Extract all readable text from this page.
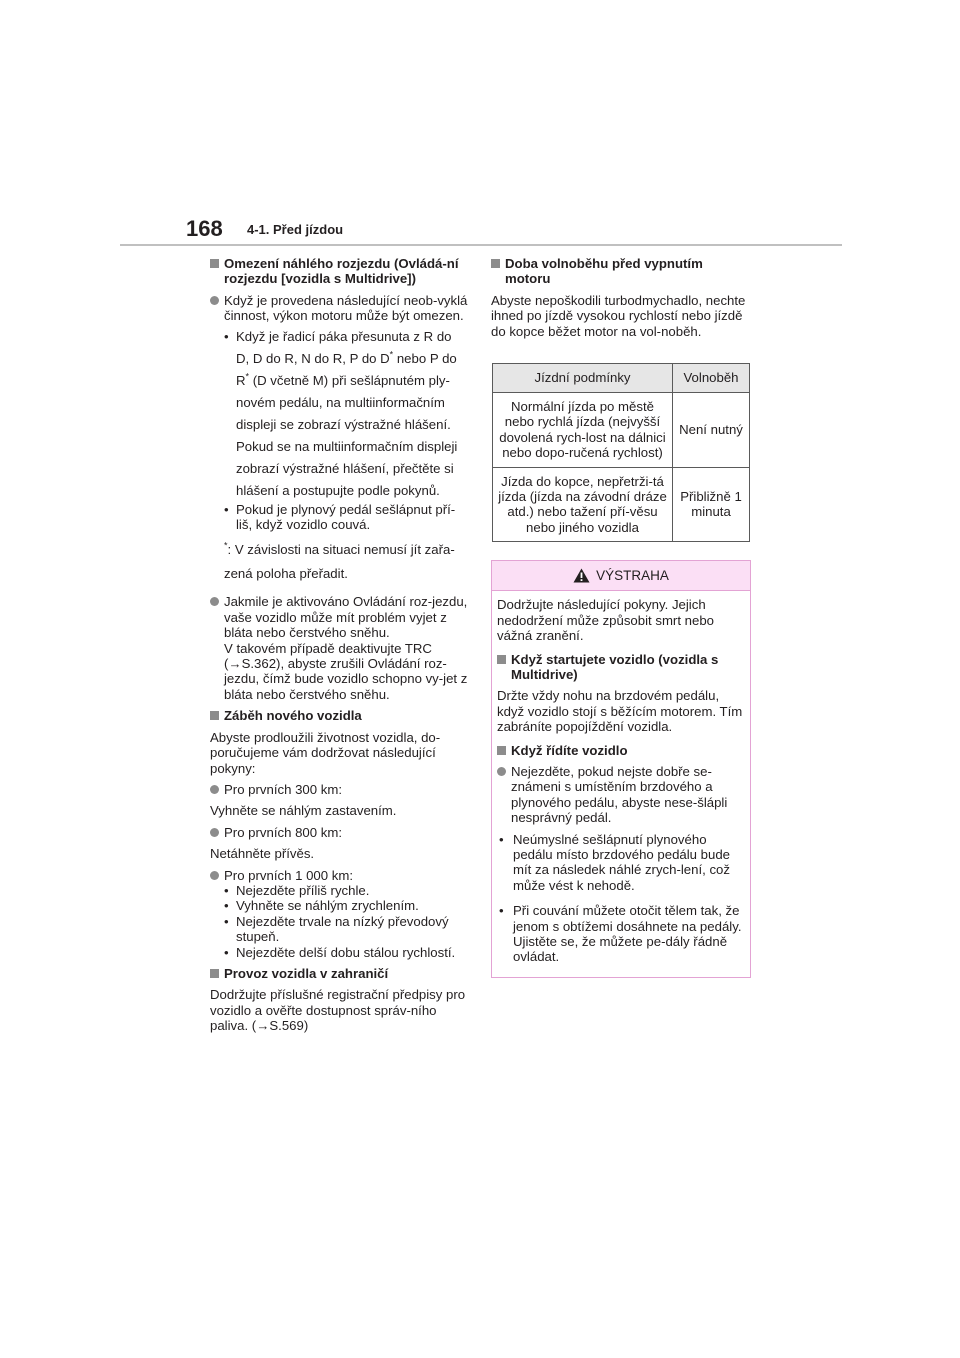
168 4-1. Před jízdou
Omezení náhlého rozjezdu (Ovládá-ní rozjezdu [vozidla s Multidrive])
Když je provedena následující neob-vyklá činnost, výkon motoru může být omezen.
• Když je řadicí páka přesunuta z R do D, D do R, N do R, P do D* nebo P do R* (D včetně M) při sešlápnutém ply-novém pedálu, na multiinformačním displeji se zobrazí výstražné hlášení. Pokud se na multiinformačním displeji zobrazí výstražné hlášení, přečtěte si hlášení a postupujte podle pokynů.
• Pokud je plynový pedál sešlápnut pří-liš, když vozidlo couvá.
*: V závislosti na situaci nemusí jít zařa-zená poloha přeřadit.
Jakmile je aktivováno Ovládání roz-jezdu, vaše vozidlo může mít problém vyjet z bláta nebo čerstvého sněhu.
V takovém případě deaktivujte TRC (→S.362), abyste zrušili Ovládání roz-jezdu, čímž bude vozidlo schopno vy-jet z bláta nebo čerstvého sněhu.
Záběh nového vozidla
Abyste prodloužili životnost vozidla, do-poručujeme vám dodržovat následující pokyny:
Pro prvních 300 km:
Vyhněte se náhlým zastavením.
Pro prvních 800 km:
Netáhněte přívěs.
Pro prvních 1 000 km:
• Nejezděte příliš rychle.
• Vyhněte se náhlým zrychlením.
• Nejezděte trvale na nízký převodový stupeň.
• Nejezděte delší dobu stálou rychlostí.
Provoz vozidla v zahraničí
Dodržujte příslušné registrační předpisy pro vozidlo a ověřte dostupnost správ-ního paliva. (→S.569)
Doba volnoběhu před vypnutím motoru
Abyste nepoškodili turbodmychadlo, nechte ihned po jízdě vysokou rychlostí nebo jízdě do kopce běžet motor na vol-noběh.
Jízdní podmínky	Volnoběh
Normální jízda po městě nebo rychlá jízda (nejvyšší dovolená rych-lost na dálnici nebo dopo-ručená rychlost)	Není nutný
Jízda do kopce, nepřetrži-tá jízda (jízda na závodní dráze atd.) nebo tažení pří-věsu nebo jiného vozidla	Přibližně 1 minuta
VÝSTRAHA
Dodržujte následující pokyny. Jejich nedodržení může způsobit smrt nebo vážná zranění.
Když startujete vozidlo (vozidla s Multidrive)
Držte vždy nohu na brzdovém pedálu, když vozidlo stojí s běžícím motorem. Tím zabráníte popojíždění vozidla.
Když řídíte vozidlo
Nejezděte, pokud nejste dobře se-známeni s umístěním brzdového a plynového pedálu, abyste nese-šlápli nesprávný pedál.
• Neúmyslné sešlápnutí plynového pedálu místo brzdového pedálu bude mít za následek náhlé zrych-lení, což může vést k nehodě.
• Při couvání můžete otočit tělem tak, že jenom s obtížemi dosáhnete na pedály. Ujistěte se, že můžete pe-dály řádně ovládat.
